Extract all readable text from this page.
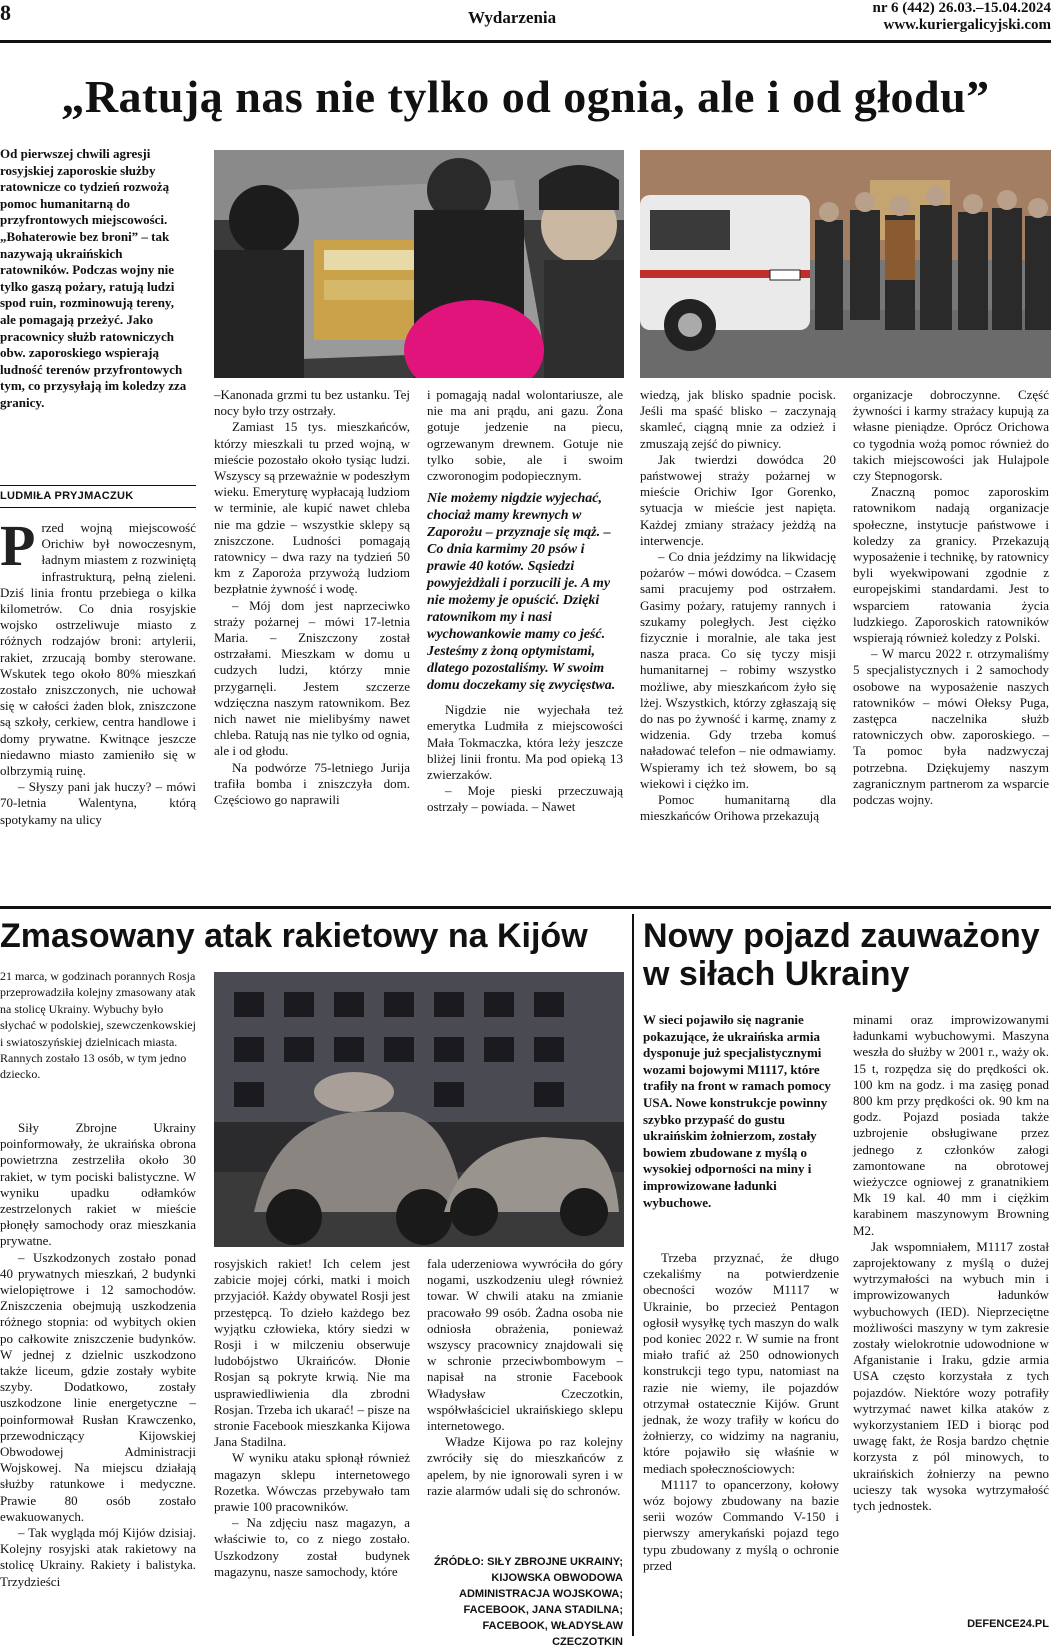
8	Wydarzenia	nr 6 (442) 26.03.–15.04.2024
www.kuriergalicyjski.com
„Ratują nas nie tylko od ognia, ale i od głodu”
Od pierwszej chwili agresji rosyjskiej zaporoskie służby ratownicze co tydzień rozwożą pomoc humanitarną do przyfrontowych miejscowości. „Bohaterowie bez broni” – tak nazywają ukraińskich ratowników. Podczas wojny nie tylko gaszą pożary, ratują ludzi spod ruin, rozminowują tereny, ale pomagają przeżyć. Jako pracownicy służb ratowniczych obw. zaporoskiego wspierają ludność terenów przyfrontowych tym, co przysyłają im koledzy zza granicy.
LUDMIŁA PRYJMACZUK

Przed wojną miejscowość Orichiw był nowoczesnym, ładnym miastem z rozwiniętą infrastrukturą, pełną zieleni. Dziś linia frontu przebiega o kilka kilometrów. Co dnia rosyjskie wojsko ostrzeliwuje miasto z różnych rodzajów broni: artylerii, rakiet, zrzucają bomby sterowane. Wskutek tego około 80% mieszkań zostało zniszczonych, nie uchował się w całości żaden blok, zniszczone są szkoły, cerkiew, centra handlowe i domy prywatne. Kwitnące jeszcze niedawno miasto zamieniło się w olbrzymią ruinę.

– Słyszy pani jak huczy? – mówi 70-letnia Walentyna, którą spotykamy na ulicy

–Kanonada grzmi tu bez ustanku. Tej nocy było trzy ostrzały.

Zamiast 15 tys. mieszkańców, którzy mieszkali tu przed wojną, w mieście pozostało około tysiąc ludzi. Wszyscy są przeważnie w podeszłym wieku. Emeryturę wypłacają ludziom w terminie, ale kupić nawet chleba nie ma gdzie – wszystkie sklepy są zniszczone. Ludności pomagają ratownicy – dwa razy na tydzień 50 km z Zaporoża przywożą ludziom bezpłatnie żywność i wodę.

– Mój dom jest naprzeciwko straży pożarnej – mówi 17-letnia Maria. – Zniszczony został ostrzałami. Mieszkam w domu u cudzych ludzi, którzy mnie przygarnęli. Jestem szczerze wdzięczna naszym ratownikom. Bez nich nawet nie mielibyśmy nawet chleba. Ratują nas nie tylko od ognia, ale i od głodu.

Na podwórze 75-letniego Jurija trafiła bomba i zniszczyła dom. Częściowo go naprawili

i pomagają nadal wolontariusze, ale nie ma ani prądu, ani gazu. Żona gotuje jedzenie na piecu, ogrzewanym drewnem. Gotuje nie tylko sobie, ale i swoim czworonogim podopiecznym.

Nie możemy nigdzie wyjechać, chociaż mamy krewnych w Zaporożu – przyznaje się mąż. – Co dnia karmimy 20 psów i prawie 40 kotów. Sąsiedzi powyjeżdżali i porzucili je. A my nie możemy je opuścić. Dzięki ratownikom my i nasi wychowankowie mamy co jeść. Jesteśmy z żoną optymistami, dlatego pozostaliśmy. W swoim domu doczekamy się zwycięstwa.

Nigdzie nie wyjechała też emerytka Ludmiła z miejscowości Mała Tokmaczka, która leży jeszcze bliżej linii frontu. Ma pod opieką 13 zwierzaków.

– Moje pieski przeczuwają ostrzały – powiada. – Nawet

wiedzą, jak blisko spadnie pocisk. Jeśli ma spaść blisko – zaczynają skamleć, ciągną mnie za odzież i zmuszają zejść do piwnicy.

Jak twierdzi dowódca 20 państwowej straży pożarnej w mieście Orichiw Igor Gorenko, sytuacja w mieście jest napięta. Każdej zmiany strażacy jeżdżą na interwencje.

– Co dnia jeździmy na likwidację pożarów – mówi dowódca. – Czasem sami pracujemy pod ostrzałem. Gasimy pożary, ratujemy rannych i szukamy poległych. Jest ciężko fizycznie i moralnie, ale taka jest nasza praca. Co się tyczy misji humanitarnej – robimy wszystko możliwe, aby mieszkańcom żyło się lżej. Wszystkich, którzy zgłaszają się do nas po żywność i karmę, znamy z widzenia. Gdy trzeba komuś naładować telefon – nie odmawiamy. Wspieramy ich też słowem, bo są wiekowi i ciężko im.

Pomoc humanitarną dla mieszkańców Orihowa przekazują

organizacje dobroczynne. Część żywności i karmy strażacy kupują za własne pieniądze. Oprócz Orichowa co tygodnia wożą pomoc również do takich miejscowości jak Hulajpole czy Stepnogorsk.

Znaczną pomoc zaporoskim ratownikom nadają organizacje społeczne, instytucje państwowe i koledzy za granicy. Przekazują wyposażenie i technikę, by ratownicy byli wyekwipowani zgodnie z europejskimi standardami. Jest to wsparciem ratowania życia ludzkiego. Zaporoskich ratowników wspierają również koledzy z Polski.

– W marcu 2022 r. otrzymaliśmy 5 specjalistycznych i 2 samochody osobowe na wyposażenie naszych ratowników – mówi Ołeksy Puga, zastępca naczelnika służb ratowniczych obw. zaporoskiego. – Ta pomoc była nadzwyczaj potrzebna. Dziękujemy naszym zagranicznym partnerom za wsparcie podczas wojny.

Zmasowany atak rakietowy na Kijów
21 marca, w godzinach porannych Rosja przeprowadziła kolejny zmasowany atak na stolicę Ukrainy. Wybuchy było słychać w podolskiej, szewczenkowskiej i swiatoszyńskiej dzielnicach miasta. Rannych zostało 13 osób, w tym jedno dziecko.

Siły Zbrojne Ukrainy poinformowały, że ukraińska obrona powietrzna zestrzeliła około 30 rakiet, w tym pociski balistyczne. W wyniku upadku odłamków zestrzelonych rakiet w mieście płonęły samochody oraz mieszkania prywatne.

– Uszkodzonych zostało ponad 40 prywatnych mieszkań, 2 budynki wielopiętrowe i 12 samochodów. Zniszczenia obejmują uszkodzenia różnego stopnia: od wybitych okien po całkowite zniszczenie budynków. W jednej z dzielnic uszkodzono także liceum, gdzie zostały wybite szyby. Dodatkowo, zostały uszkodzone linie energetyczne – poinformował Rusłan Krawczenko, przewodniczący Kijowskiej Obwodowej Administracji Wojskowej. Na miejscu działają służby ratunkowe i medyczne. Prawie 80 osób zostało ewakuowanych.

– Tak wygląda mój Kijów dzisiaj. Kolejny rosyjski atak rakietowy na stolicę Ukrainy. Rakiety i balistyka. Trzydzieści

rosyjskich rakiet! Ich celem jest zabicie mojej córki, matki i moich przyjaciół. Każdy obywatel Rosji jest przestępcą. To dzieło każdego bez wyjątku człowieka, który siedzi w Rosji i w milczeniu obserwuje ludobójstwo Ukraińców. Dłonie Rosjan są pokryte krwią. Nie ma usprawiedliwienia dla zbrodni Rosjan. Trzeba ich ukarać! – pisze na stronie Facebook mieszkanka Kijowa Jana Stadilna.

W wyniku ataku spłonął również magazyn sklepu internetowego Rozetka. Wówczas przebywało tam prawie 100 pracowników.

– Na zdjęciu nasz magazyn, a właściwie to, co z niego zostało. Uszkodzony został budynek magazynu, nasze samochody, które

fala uderzeniowa wywróciła do góry nogami, uszkodzeniu uległ również towar. W chwili ataku na zmianie pracowało 99 osób. Żadna osoba nie odniosła obrażenia, ponieważ wszyscy pracownicy znajdowali się w schronie przeciwbombowym – napisał na stronie Facebook Władysław Czeczotkin, współwłaściciel ukraińskiego sklepu internetowego.

Władze Kijowa po raz kolejny zwróciły się do mieszkańców z apelem, by nie ignorowali syren i w razie alarmów udali się do schronów.

ŹRÓDŁO: SIŁY ZBROJNE UKRAINY; KIJOWSKA OBWODOWA ADMINISTRACJA WOJSKOWA; FACEBOOK, JANA STADILNA; FACEBOOK, WŁADYSŁAW CZECZOTKIN
Nowy pojazd zauważony w siłach Ukrainy
W sieci pojawiło się nagranie pokazujące, że ukraińska armia dysponuje już specjalistycznymi wozami bojowymi M1117, które trafiły na front w ramach pomocy USA. Nowe konstrukcje powinny szybko przypaść do gustu ukraińskim żołnierzom, zostały bowiem zbudowane z myślą o wysokiej odporności na miny i improwizowane ładunki wybuchowe.

Trzeba przyznać, że długo czekaliśmy na potwierdzenie obecności wozów M1117 w Ukrainie, bo przecież Pentagon ogłosił wysyłkę tych maszyn do walk pod koniec 2022 r. W sumie na front miało trafić aż 250 odnowionych konstrukcji tego typu, natomiast na razie nie wiemy, ile pojazdów otrzymał ostatecznie Kijów. Grunt jednak, że wozy trafiły w końcu do żołnierzy, co widzimy na nagraniu, które pojawiło się właśnie w mediach społecznościowych:

M1117 to opancerzony, kołowy wóz bojowy zbudowany na bazie serii wozów Commando V-150 i pierwszy amerykański pojazd tego typu zbudowany z myślą o ochronie przed

minami oraz improwizowanymi ładunkami wybuchowymi. Maszyna weszła do służby w 2001 r., waży ok. 15 t, rozpędza się do prędkości ok. 100 km na godz. i ma zasięg ponad 800 km przy prędkości ok. 90 km na godz. Pojazd posiada także uzbrojenie obsługiwane przez jednego z członków załogi zamontowane na obrotowej wieżyczce ogniowej z granatnikiem Mk 19 kal. 40 mm i ciężkim karabinem maszynowym Browning M2.

Jak wspomniałem, M1117 został zaprojektowany z myślą o dużej wytrzymałości na wybuch min i improwizowanych ładunków wybuchowych (IED). Nieprzeciętne możliwości maszyny w tym zakresie zostały wielokrotnie udowodnione w Afganistanie i Iraku, gdzie armia USA często korzystała z tych pojazdów. Niektóre wozy potrafiły wytrzymać nawet kilka ataków z wykorzystaniem IED i biorąc pod uwagę fakt, że Rosja bardzo chętnie korzysta z pól minowych, to ukraińskich żołnierzy na pewno ucieszy tak wysoka wytrzymałość tych jednostek.

DEFENCE24.PL
